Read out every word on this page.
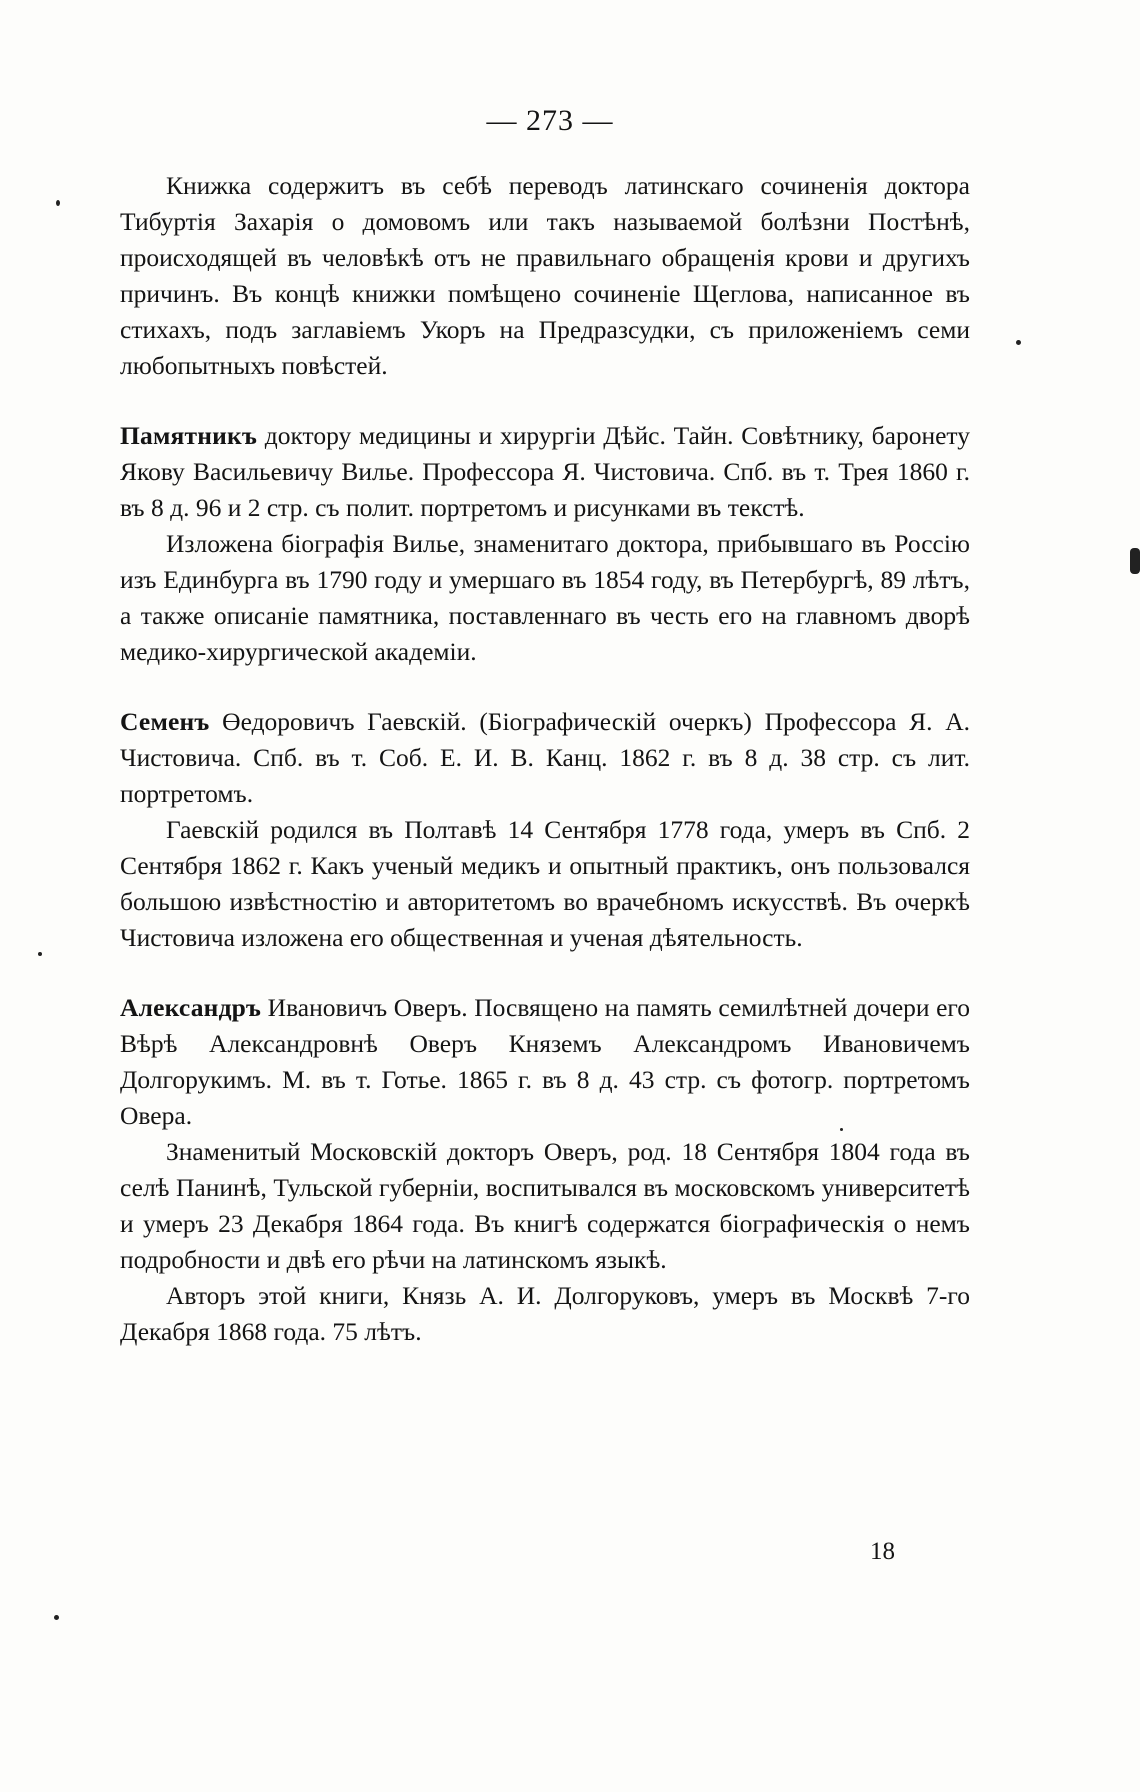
— 273 —

Книжка содержитъ въ себѣ переводъ латинскаго сочиненія доктора Тибуртія Захарія о домовомъ или такъ называемой болѣзни Постѣнѣ, происходящей въ человѣкѣ отъ не правильнаго обращенія крови и другихъ причинъ. Въ концѣ книжки помѣщено сочиненіе Щеглова, написанное въ стихахъ, подъ заглавіемъ Укоръ на Предразсудки, съ приложеніемъ семи любопытныхъ повѣстей.

Памятникъ доктору медицины и хирургіи Дѣйс. Тайн. Совѣтнику, баронету Якову Васильевичу Вилье. Профессора Я. Чистовича. Спб. въ т. Трея 1860 г. въ 8 д. 96 и 2 стр. съ полит. портретомъ и рисунками въ текстѣ.

Изложена біографія Вилье, знаменитаго доктора, прибывшаго въ Россію изъ Единбурга въ 1790 году и умершаго въ 1854 году, въ Петербургѣ, 89 лѣтъ, а также описаніе памятника, поставленнаго въ честь его на главномъ дворѣ медико-хирургической академіи.

Семенъ Өедоровичъ Гаевскій. (Біографическій очеркъ) Профессора Я. А. Чистовича. Спб. въ т. Соб. Е. И. В. Канц. 1862 г. въ 8 д. 38 стр. съ лит. портретомъ.

Гаевскій родился въ Полтавѣ 14 Сентября 1778 года, умеръ въ Спб. 2 Сентября 1862 г. Какъ ученый медикъ и опытный практикъ, онъ пользовался большою извѣстностію и авторитетомъ во врачебномъ искусствѣ. Въ очеркѣ Чистовича изложена его общественная и ученая дѣятельность.

Александръ Ивановичъ Оверъ. Посвящено на память семилѣтней дочери его Вѣрѣ Александровнѣ Оверъ Княземъ Александромъ Ивановичемъ Долгорукимъ. М. въ т. Готье. 1865 г. въ 8 д. 43 стр. съ фотогр. портретомъ Овера.

Знаменитый Московскій докторъ Оверъ, род. 18 Сентября 1804 года въ селѣ Панинѣ, Тульской губерніи, воспитывался въ московскомъ университетѣ и умеръ 23 Декабря 1864 года. Въ книгѣ содержатся біографическія о немъ подробности и двѣ его рѣчи на латинскомъ языкѣ.

Авторъ этой книги, Князь А. И. Долгоруковъ, умеръ въ Москвѣ 7-го Декабря 1868 года. 75 лѣтъ.

18
